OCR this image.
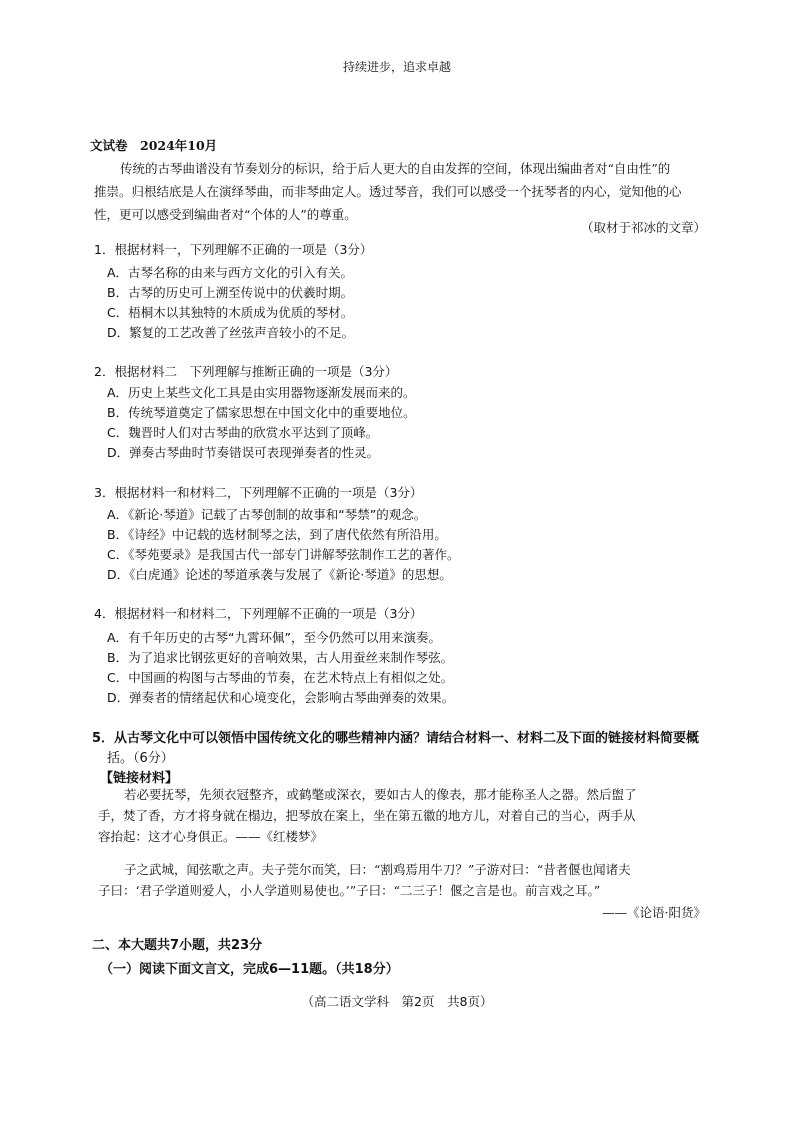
持续进步，追求卓越
文试卷　2024年10月
传统的古琴曲谱没有节奏划分的标识，给于后人更大的自由发挥的空间，体现出编曲者对“自由性”的
推崇。归根结底是人在演绎琴曲，而非琴曲定人。透过琴音，我们可以感受一个抚琴者的内心，觉知他的心
性，更可以感受到编曲者对“个体的人”的尊重。
（取材于祁冰的文章）
1．根据材料一，下列理解不正确的一项是（3分）
A．古琴名称的由来与西方文化的引入有关。
B．古琴的历史可上溯至传说中的伏羲时期。
C．梧桐木以其独特的木质成为优质的琴材。
D．繁复的工艺改善了丝弦声音较小的不足。
2．根据材料二　下列理解与推断正确的一项是（3分）
A．历史上某些文化工具是由实用器物逐渐发展而来的。
B．传统琴道奠定了儒家思想在中国文化中的重要地位。
C．魏晋时人们对古琴曲的欣赏水平达到了顶峰。
D．弹奏古琴曲时节奏错误可表现弹奏者的性灵。
3．根据材料一和材料二，下列理解不正确的一项是（3分）
A．《新论·琴道》记载了古琴创制的故事和“琴禁”的观念。
B．《诗经》中记载的选材制琴之法，到了唐代依然有所沿用。
C．《琴苑要录》是我国古代一部专门讲解琴弦制作工艺的著作。
D．《白虎通》论述的琴道承袭与发展了《新论·琴道》的思想。
4．根据材料一和材料二，下列理解不正确的一项是（3分）
A．有千年历史的古琴“九霄环佩”，至今仍然可以用来演奏。
B．为了追求比钢弦更好的音响效果，古人用蚕丝来制作琴弦。
C．中国画的构图与古琴曲的节奏，在艺术特点上有相似之处。
D．弹奏者的情绪起伏和心境变化，会影响古琴曲弹奏的效果。
5．从古琴文化中可以领悟中国传统文化的哪些精神内涵？请结合材料一、材料二及下面的链接材料简要概
括。（6分）
【链接材料】
若必要抚琴，先须衣冠整齐，或鹤氅或深衣，要如古人的像表，那才能称圣人之器。然后盥了
手，焚了香，方才将身就在榻边，把琴放在案上，坐在第五徽的地方儿，对着自己的当心，两手从
容抬起：这才心身俱正。——《红楼梦》
子之武城，闻弦歌之声。夫子莞尔而笑，曰：“割鸡焉用牛刀？”子游对曰：“昔者偃也闻诸夫
子曰：‘君子学道则爱人，小人学道则易使也。’”子曰：“二三子！偃之言是也。前言戏之耳。”
——《论语·阳货》
二、本大题共7小题，共23分
（一）阅读下面文言文，完成6—11题。（共18分）
（高二语文学科　第2页　共8页）
